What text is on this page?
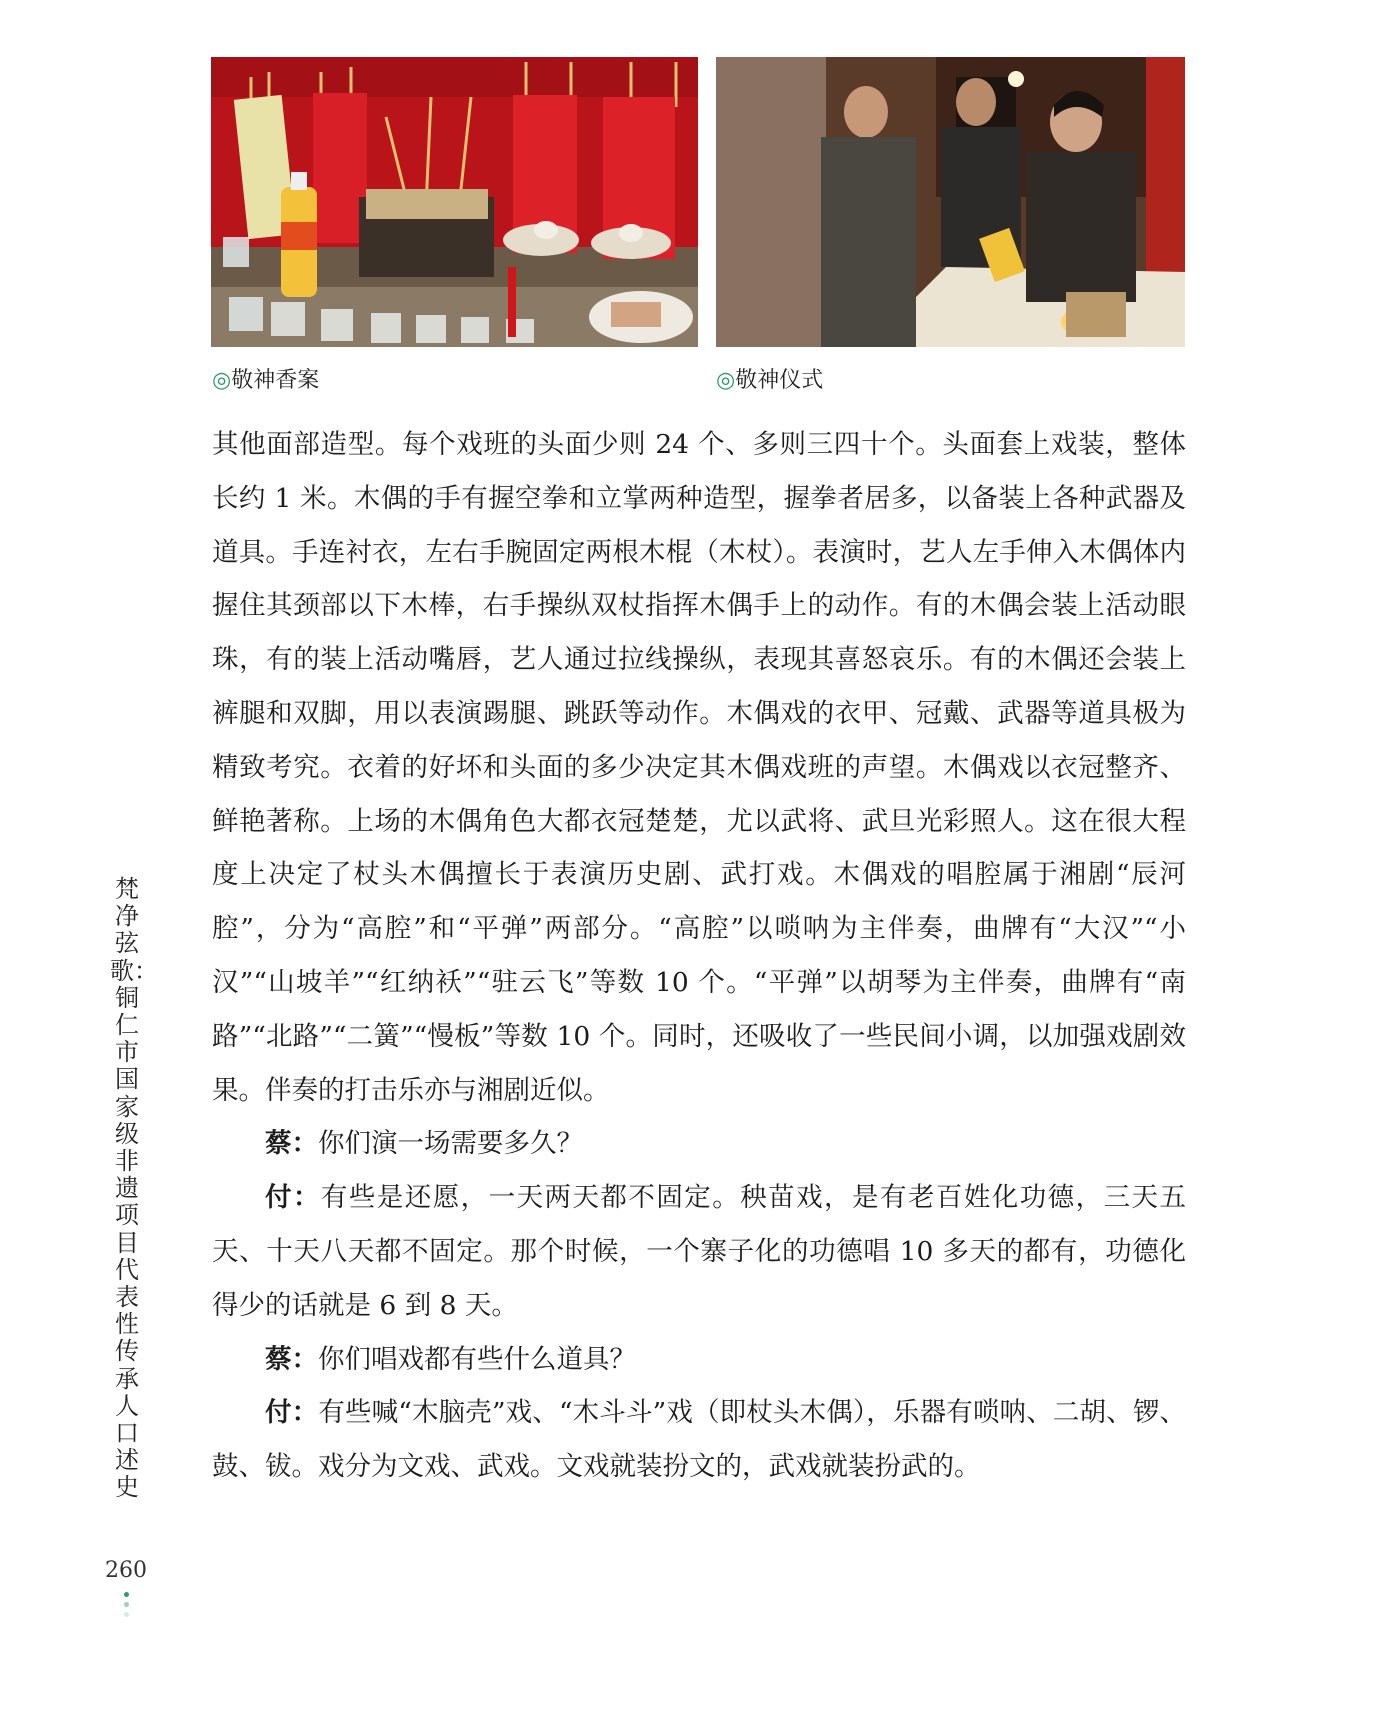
◎敬神香案	◎敬神仪式

其他面部造型。每个戏班的头面少则 24 个、多则三四十个。头面套上戏装，整体长约 1 米。木偶的手有握空拳和立掌两种造型，握拳者居多，以备装上各种武器及道具。手连衬衣，左右手腕固定两根木棍（木杖）。表演时，艺人左手伸入木偶体内握住其颈部以下木棒，右手操纵双杖指挥木偶手上的动作。有的木偶会装上活动眼珠，有的装上活动嘴唇，艺人通过拉线操纵，表现其喜怒哀乐。有的木偶还会装上裤腿和双脚，用以表演踢腿、跳跃等动作。木偶戏的衣甲、冠戴、武器等道具极为精致考究。衣着的好坏和头面的多少决定其木偶戏班的声望。木偶戏以衣冠整齐、鲜艳著称。上场的木偶角色大都衣冠楚楚，尤以武将、武旦光彩照人。这在很大程度上决定了杖头木偶擅长于表演历史剧、武打戏。木偶戏的唱腔属于湘剧“辰河腔”，分为“高腔”和“平弹”两部分。“高腔”以唢呐为主伴奏，曲牌有“大汉”“小汉”“山坡羊”“红纳袄”“驻云飞”等数 10 个。“平弹”以胡琴为主伴奏，曲牌有“南路”“北路”“二簧”“慢板”等数 10 个。同时，还吸收了一些民间小调，以加强戏剧效果。伴奏的打击乐亦与湘剧近似。

蔡：你们演一场需要多久？

付：有些是还愿，一天两天都不固定。秧苗戏，是有老百姓化功德，三天五天、十天八天都不固定。那个时候，一个寨子化的功德唱 10 多天的都有，功德化得少的话就是 6 到 8 天。

蔡：你们唱戏都有些什么道具？

付：有些喊“木脑壳”戏、“木斗斗”戏（即杖头木偶），乐器有唢呐、二胡、锣、鼓、钹。戏分为文戏、武戏。文戏就装扮文的，武戏就装扮武的。

梵净弦歌：铜仁市国家级非遗项目代表性传承人口述史
260
